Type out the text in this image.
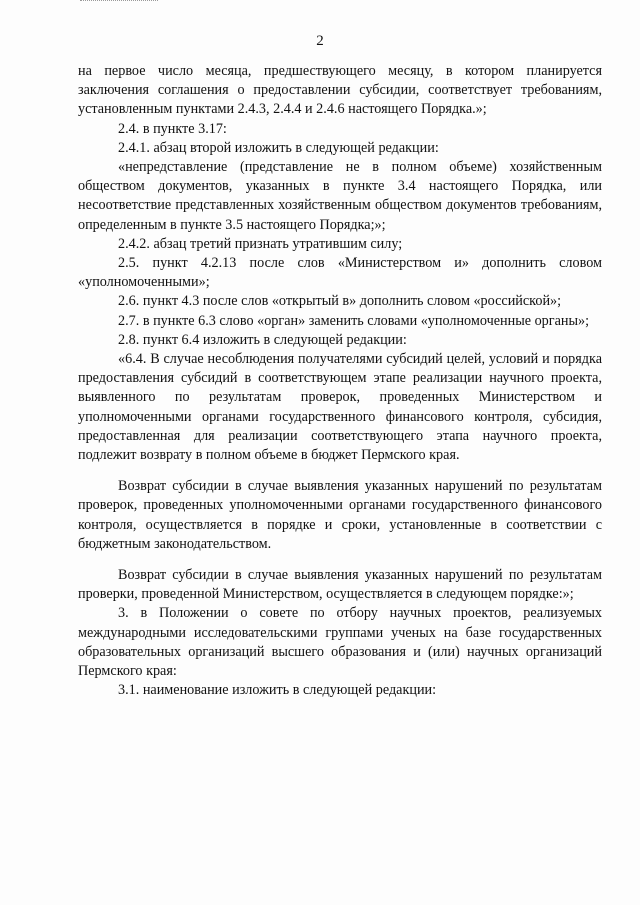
2

на первое число месяца, предшествующего месяцу, в котором планируется заключения соглашения о предоставлении субсидии, соответствует требованиям, установленным пунктами 2.4.3, 2.4.4 и 2.4.6 настоящего Порядка.»;

2.4. в пункте 3.17:

2.4.1. абзац второй изложить в следующей редакции:

«непредставление (представление не в полном объеме) хозяйственным обществом документов, указанных в пункте 3.4 настоящего Порядка, или несоответствие представленных хозяйственным обществом документов требованиям, определенным в пункте 3.5 настоящего Порядка;»;

2.4.2. абзац третий признать утратившим силу;

2.5. пункт 4.2.13 после слов «Министерством и» дополнить словом «уполномоченными»;

2.6. пункт 4.3 после слов «открытый в» дополнить словом «российской»;

2.7. в пункте 6.3 слово «орган» заменить словами «уполномоченные органы»;

2.8. пункт 6.4 изложить в следующей редакции:

«6.4. В случае несоблюдения получателями субсидий целей, условий и порядка предоставления субсидий в соответствующем этапе реализации научного проекта, выявленного по результатам проверок, проведенных Министерством и уполномоченными органами государственного финансового контроля, субсидия, предоставленная для реализации соответствующего этапа научного проекта, подлежит возврату в полном объеме в бюджет Пермского края.

Возврат субсидии в случае выявления указанных нарушений по результатам проверок, проведенных уполномоченными органами государственного финансового контроля, осуществляется в порядке и сроки, установленные в соответствии с бюджетным законодательством.

Возврат субсидии в случае выявления указанных нарушений по результатам проверки, проведенной Министерством, осуществляется в следующем порядке:»;

3. в Положении о совете по отбору научных проектов, реализуемых международными исследовательскими группами ученых на базе государственных образовательных организаций высшего образования и (или) научных организаций Пермского края:

3.1. наименование изложить в следующей редакции:
